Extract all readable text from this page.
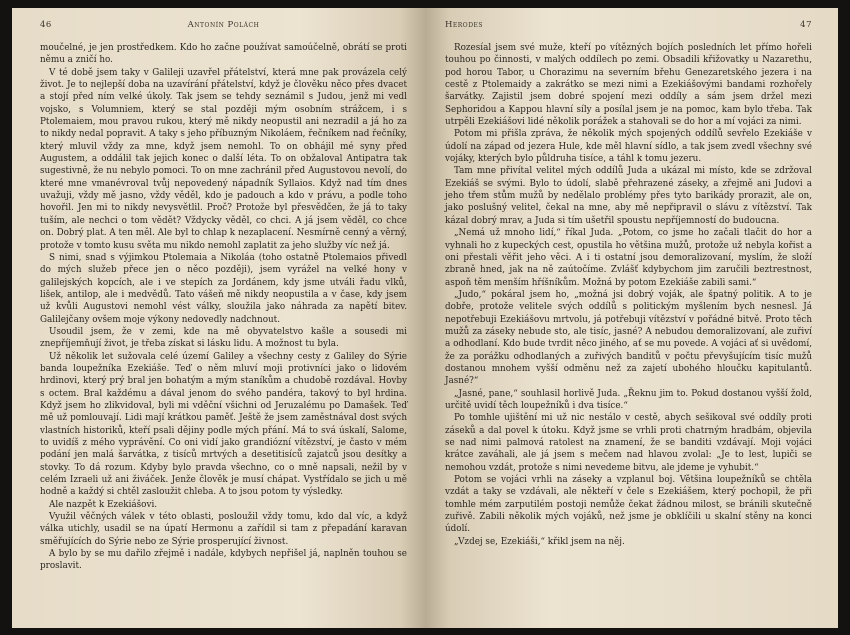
46	Antonín Polách

moučelné, je jen prostředkem. Kdo ho začne používat samoúčelně, obrátí se proti němu a zničí ho.

V té době jsem taky v Galileji uzavřel přátelství, která mne pak provázela celý život. Je to nejlepší doba na uzavírání přátelství, když je člověku něco přes dvacet a stojí před ním velké úkoly. Tak jsem se tehdy seznámil s Judou, jenž mi vedl vojsko, s Volumniem, který se stal později mým osobním strážcem, i s Ptolemaiem, mou pravou rukou, který mě nikdy neopustil ani nezradil a já ho za to nikdy nedal popravit. A taky s jeho příbuzným Nikoláem, řečníkem nad řečníky, který mluvil vždy za mne, když jsem nemohl. To on obhájil mé syny před Augustem, a oddálil tak jejich konec o další léta. To on obžaloval Antipatra tak sugestivně, že nu nebylo pomoci. To on mne zachránil před Augustovou nevolí, do které mne vmanévroval tvůj nepovedený nápadník Syllaios. Když nad tím dnes uvažuji, vždy mě jasno, vždy věděl, kdo je padouch a kdo v právu, a podle toho hovořil. Jen mi to nikdy nevysvětlil. Proč? Protože byl přesvědčen, že já to taky tuším, ale nechci o tom vědět? Vždycky věděl, co chci. A já jsem věděl, co chce on. Dobrý plat. A ten měl. Ale byl to chlap k nezaplacení. Nesmírně cenný a věrný, protože v tomto kusu světa mu nikdo nemohl zaplatit za jeho služby víc než já.

S nimi, snad s výjimkou Ptolemaia a Nikoláa (toho ostatně Ptolemaios přivedl do mých služeb přece jen o něco později), jsem vyrážel na velké hony v galilejských kopcích, ale i ve stepích za Jordánem, kdy jsme utváli řadu vlků, lišek, antilop, ale i medvědů. Tato vášeň mě nikdy neopustila a v čase, kdy jsem už kvůli Augustovi nemohl vést války, sloužila jako náhrada za napětí bitev. Galilejčany ovšem moje výkony nedovedly nadchnout.

Usoudil jsem, že v zemi, kde na mě obyvatelstvo kašle a sousedi mi znepříjemňují život, je třeba získat si lásku lidu. A možnost tu byla.

Už několik let sužovala celé území Galiley a všechny cesty z Galiley do Sýrie banda loupežníka Ezekiáše. Teď o něm mluví moji protivníci jako o lidovém hrdinovi, který prý bral jen bohatým a mým staníkům a chudobě rozdával. Hovby s octem. Bral každému a dával jenom do svého pandéra, takový to byl hrdina. Když jsem ho zlikvidoval, byli mi vděční všichni od Jeruzalému po Damašek. Teď mě už pomlouvají. Lidi mají krátkou paměť. Ještě že jsem zaměstnával dost svých vlastních historiků, kteří psali dějiny podle mých přání. Má to svá úskalí, Salome, to uvidíš z mého vyprávění. Co oni vidí jako grandiózní vítězství, je často v mém podání jen malá šarvátka, z tisíců mrtvých a desetitisíců zajatců jsou desítky a stovky. To dá rozum. Kdyby bylo pravda všechno, co o mně napsali, nežil by v celém Izraeli už ani živáček. Jenže člověk je musí chápat. Vystřídalo se jich u mě hodně a každý si chtěl zasloužit chleba. A to jsou potom ty výsledky.

Ale nazpět k Ezekiášovi.

Využil věčných válek v této oblasti, posloužil vždy tomu, kdo dal víc, a když válka utichly, usadil se na úpatí Hermonu a zařídil si tam z přepadání karavan směřujících do Sýrie nebo ze Sýrie prosperující živnost.

A bylo by se mu dařilo zřejmě i nadále, kdybych nepřišel já, naplněn touhou se proslavit.

Herodes	47

Rozesíal jsem své muže, kteří po vítězných bojích posledních let přímo hořeli touhou po činnosti, v malých oddílech po zemi. Obsadili křižovatky u Nazarethu, pod horou Tabor, u Chorazimu na severním břehu Genezaretského jezera i na cestě z Ptolemaidy a zakrátko se mezi nimi a Ezekiášovými bandami rozhořely šarvátky. Zajistil jsem dobré spojení mezi oddíly a sám jsem držel mezi Sephoridou a Kappou hlavní síly a posílal jsem je na pomoc, kam bylo třeba. Tak utrpěli Ezekiášovi lidé několik porážek a stahovali se do hor a mí vojáci za nimi.

Potom mi přišla zpráva, že několik mých spojených oddílů sevřelo Ezekiáše v údolí na západ od jezera Hule, kde měl hlavní sídlo, a tak jsem zvedl všechny své vojáky, kterých bylo půldruha tisíce, a táhl k tomu jezeru.

Tam mne přivítal velitel mých oddílů Juda a ukázal mi místo, kde se zdržoval Ezekiáš se svými. Bylo to údolí, slabě přehrazené záseky, a zřejmě ani Judovi a jeho třem stům mužů by nedělalo problémy přes tyto barikády prorazit, ale on, jako poslušný velitel, čekal na mne, aby mě nepřipravil o slávu z vítězství. Tak kázal dobrý mrav, a Juda si tím ušetřil spoustu nepříjemností do budoucna.

„Nemá už mnoho lidí,“ říkal Juda. „Potom, co jsme ho začali tlačit do hor a vyhnali ho z kupeckých cest, opustila ho většina mužů, protože už nebyla kořist a oni přestali věřit jeho věci. A i ti ostatní jsou demoralizovaní, myslím, že složí zbraně hned, jak na ně zaútočíme. Zvlášť kdybychom jim zaručili beztrestnost, aspoň těm menším hříšníkům. Možná by potom Ezekiáše zabili sami.“

„Judo,“ pokáral jsem ho, „možná jsi dobrý voják, ale špatný politik. A to je dobře, protože velitele svých oddílů s politickým myšlením bych nesnesl. Já nepotřebuji Ezekiášovu mrtvolu, já potřebuji vítězství v pořádné bitvě. Proto těch mužů za záseky nebude sto, ale tisíc, jasné? A nebudou demoralizovaní, ale zuřiví a odhodlaní. Kdo bude tvrdit něco jiného, ať se mu povede. A vojáci ať si uvědomí, že za porážku odhodlaných a zuřivých banditů v počtu převyšujícím tisíc mužů dostanou mnohem vyšší odměnu než za zajetí ubohého hloučku kapitulantů. Jasné?“

„Jasné, pane,“ souhlasil horlivě Juda. „Řeknu jim to. Pokud dostanou vyšší žold, určitě uvidí těch loupežníků i dva tisíce.“

Po tomhle ujištění mi už nic nestálo v cestě, abych sešikoval své oddíly proti záseků a dal povel k útoku. Když jsme se vrhli proti chatrným hradbám, objevila se nad nimi palmová ratolest na znamení, že se banditi vzdávají. Moji vojáci krátce zaváhali, ale já jsem s mečem nad hlavou zvolal: „Je to lest, lupiči se nemohou vzdát, protože s nimi nevedeme bitvu, ale jdeme je vyhubit.“

Potom se vojáci vrhli na záseky a vzplanul boj. Většina loupežníků se chtěla vzdát a taky se vzdávali, ale někteří v čele s Ezekiášem, který pochopil, že při tomhle mém zarputilém postoji nemůže čekat žádnou milost, se bránili skutečně zuřivě. Zabili několik mých vojáků, než jsme je obklíčili u skalní stěny na konci údolí.

„Vzdej se, Ezekiáši,“ křikl jsem na něj.
